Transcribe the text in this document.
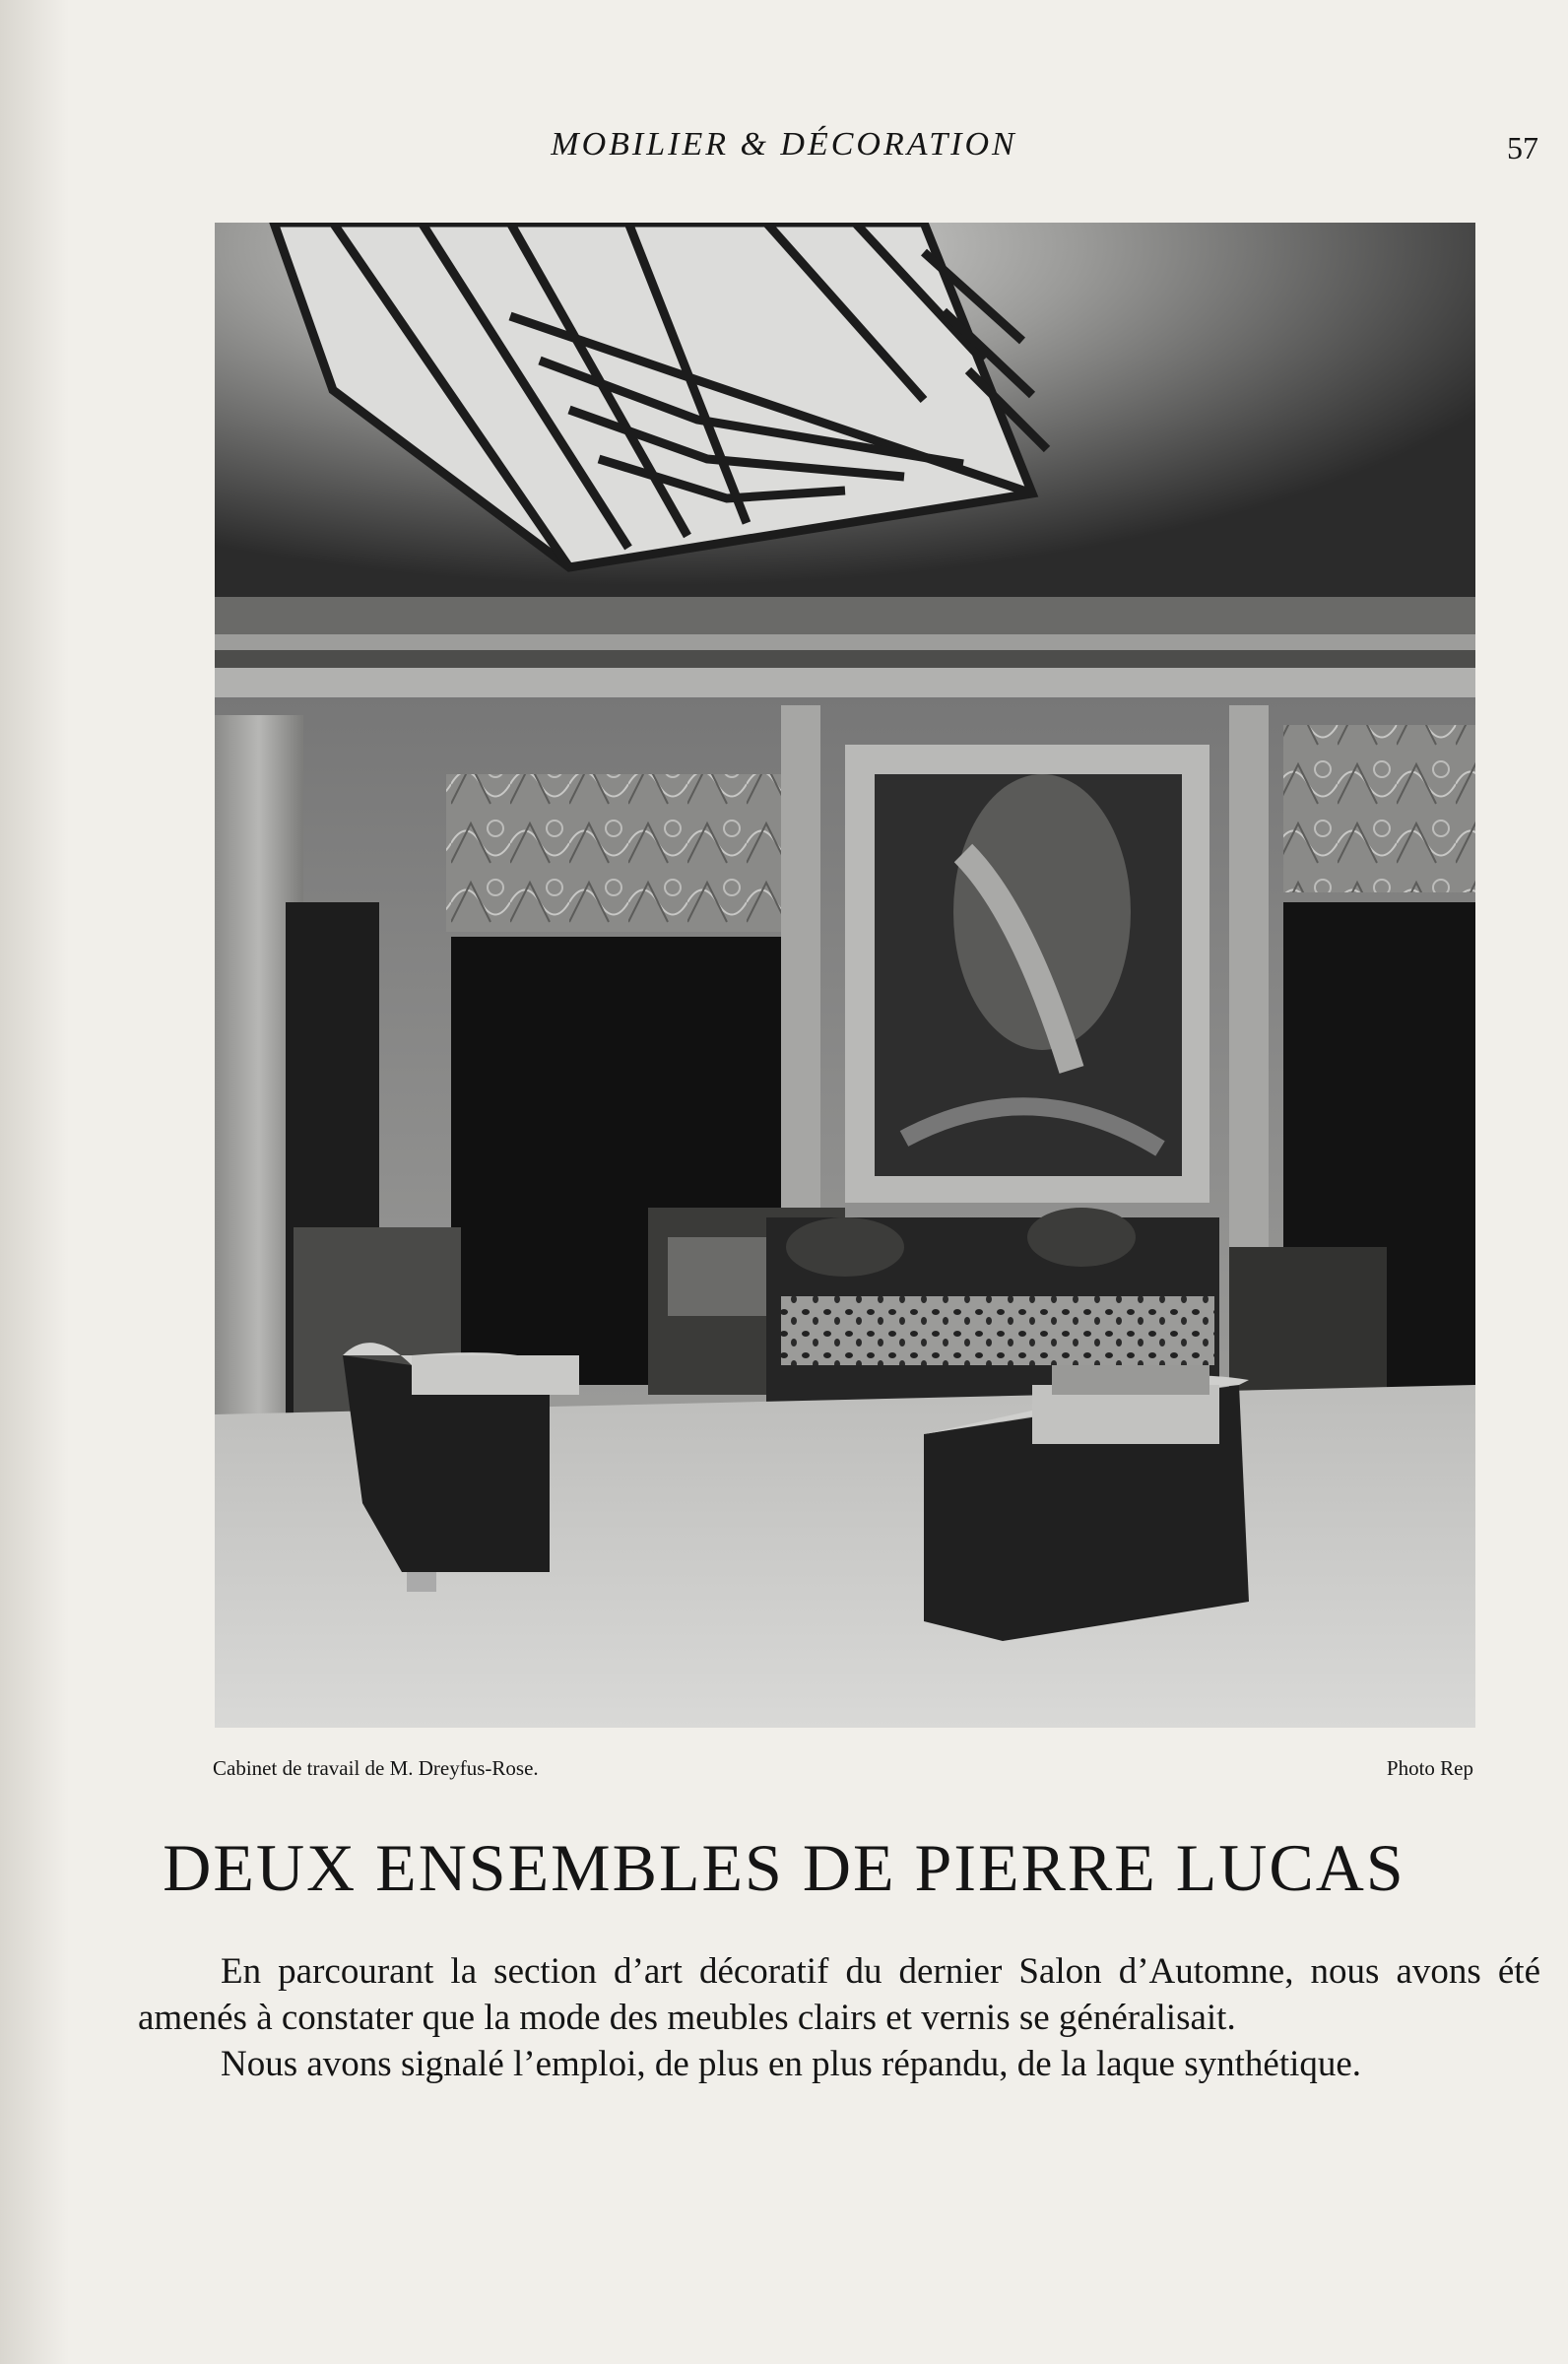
MOBILIER & DÉCORATION	57
Cabinet de travail de M. Dreyfus-Rose.	Photo Rep
DEUX ENSEMBLES DE PIERRE LUCAS

En parcourant la section d’art décoratif du dernier Salon d’Automne, nous avons été amenés à constater que la mode des meubles clairs et vernis se généralisait.

Nous avons signalé l’emploi, de plus en plus répandu, de la laque synthétique.
